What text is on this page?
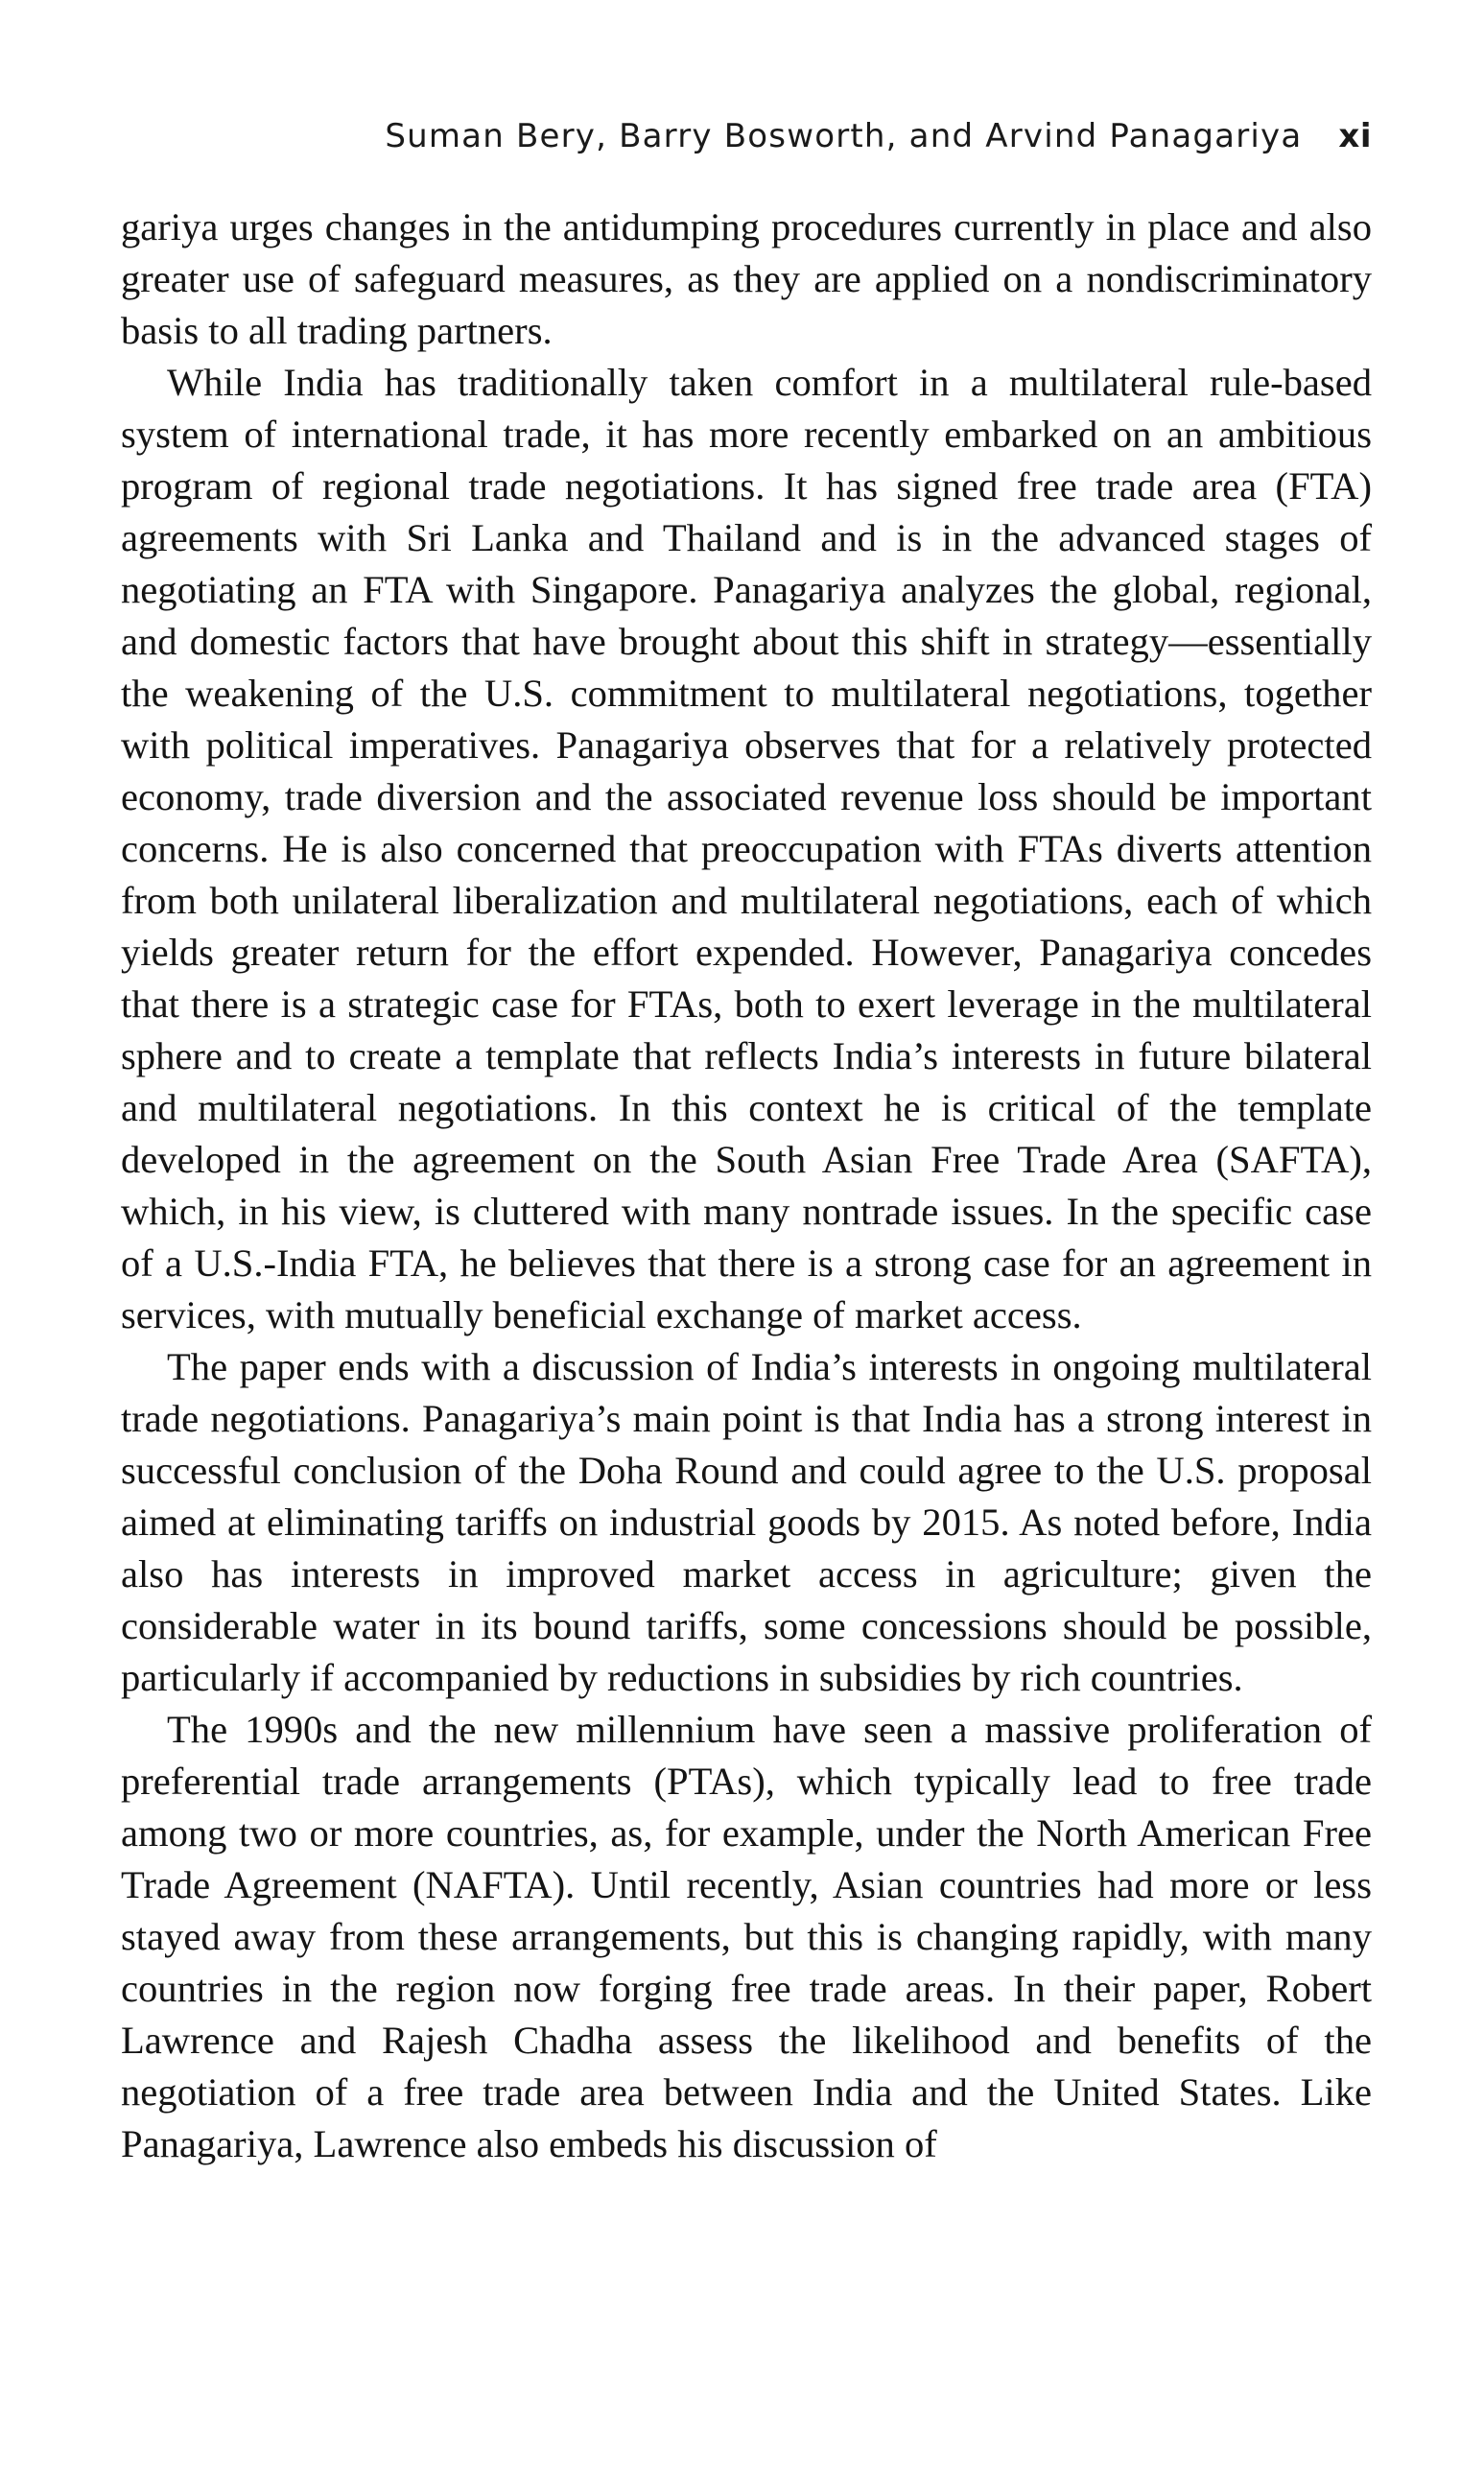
Suman Bery, Barry Bosworth, and Arvind Panagariya xi

gariya urges changes in the antidumping procedures currently in place and also greater use of safeguard measures, as they are applied on a nondiscriminatory basis to all trading partners.

While India has traditionally taken comfort in a multilateral rule-based system of international trade, it has more recently embarked on an ambitious program of regional trade negotiations. It has signed free trade area (FTA) agreements with Sri Lanka and Thailand and is in the advanced stages of negotiating an FTA with Singapore. Panagariya analyzes the global, regional, and domestic factors that have brought about this shift in strategy—essentially the weakening of the U.S. commitment to multilateral negotiations, together with political imperatives. Panagariya observes that for a relatively protected economy, trade diversion and the associated revenue loss should be important concerns. He is also concerned that preoccupation with FTAs diverts attention from both unilateral liberalization and multilateral negotiations, each of which yields greater return for the effort expended. However, Panagariya concedes that there is a strategic case for FTAs, both to exert leverage in the multilateral sphere and to create a template that reflects India’s interests in future bilateral and multilateral negotiations. In this context he is critical of the template developed in the agreement on the South Asian Free Trade Area (SAFTA), which, in his view, is cluttered with many nontrade issues. In the specific case of a U.S.-India FTA, he believes that there is a strong case for an agreement in services, with mutually beneficial exchange of market access.

The paper ends with a discussion of India’s interests in ongoing multilateral trade negotiations. Panagariya’s main point is that India has a strong interest in successful conclusion of the Doha Round and could agree to the U.S. proposal aimed at eliminating tariffs on industrial goods by 2015. As noted before, India also has interests in improved market access in agriculture; given the considerable water in its bound tariffs, some concessions should be possible, particularly if accompanied by reductions in subsidies by rich countries.

The 1990s and the new millennium have seen a massive proliferation of preferential trade arrangements (PTAs), which typically lead to free trade among two or more countries, as, for example, under the North American Free Trade Agreement (NAFTA). Until recently, Asian countries had more or less stayed away from these arrangements, but this is changing rapidly, with many countries in the region now forging free trade areas. In their paper, Robert Lawrence and Rajesh Chadha assess the likelihood and benefits of the negotiation of a free trade area between India and the United States. Like Panagariya, Lawrence also embeds his discussion of
